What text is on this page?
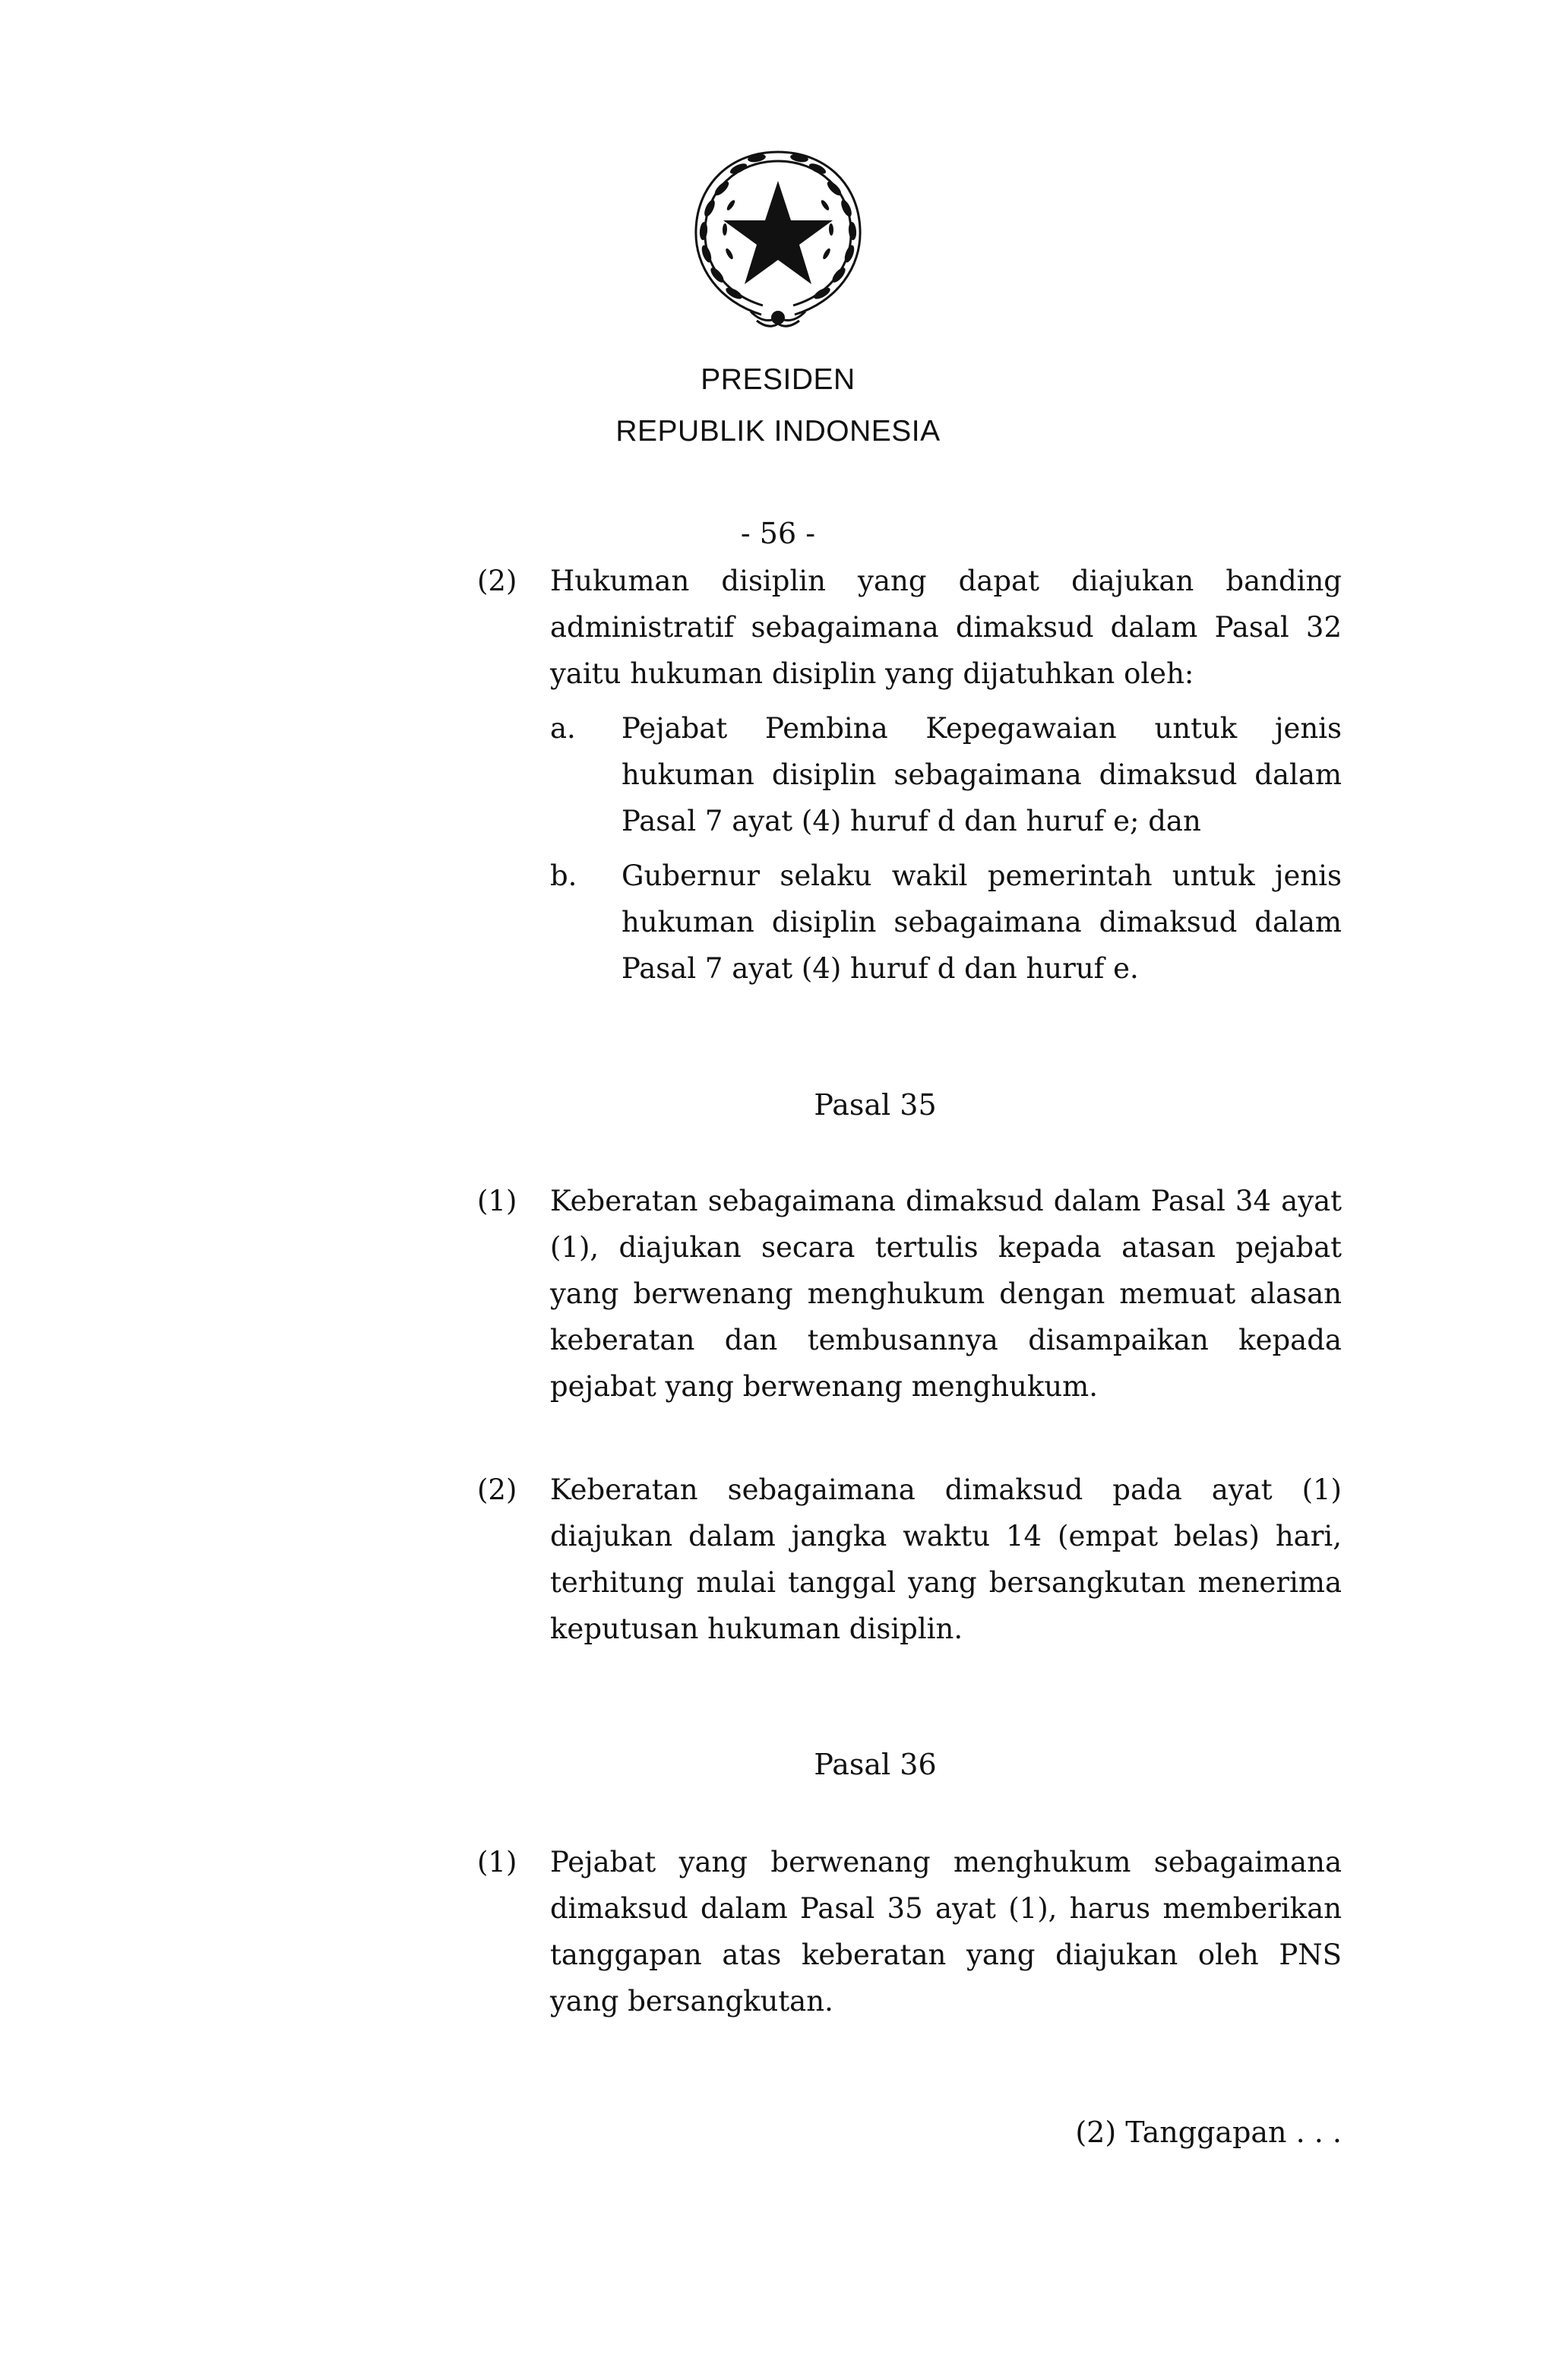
PRESIDEN
REPUBLIK INDONESIA
- 56 -
(2) Hukuman disiplin yang dapat diajukan banding administratif sebagaimana dimaksud dalam Pasal 32 yaitu hukuman disiplin yang dijatuhkan oleh:
a. Pejabat Pembina Kepegawaian untuk jenis hukuman disiplin sebagaimana dimaksud dalam Pasal 7 ayat (4) huruf d dan huruf e; dan
b. Gubernur selaku wakil pemerintah untuk jenis hukuman disiplin sebagaimana dimaksud dalam Pasal 7 ayat (4) huruf d dan huruf e.
Pasal 35
(1) Keberatan sebagaimana dimaksud dalam Pasal 34 ayat (1), diajukan secara tertulis kepada atasan pejabat yang berwenang menghukum dengan memuat alasan keberatan dan tembusannya disampaikan kepada pejabat yang berwenang menghukum.
(2) Keberatan sebagaimana dimaksud pada ayat (1) diajukan dalam jangka waktu 14 (empat belas) hari, terhitung mulai tanggal yang bersangkutan menerima keputusan hukuman disiplin.
Pasal 36
(1) Pejabat yang berwenang menghukum sebagaimana dimaksud dalam Pasal 35 ayat (1), harus memberikan tanggapan atas keberatan yang diajukan oleh PNS yang bersangkutan.
(2) Tanggapan . . .
